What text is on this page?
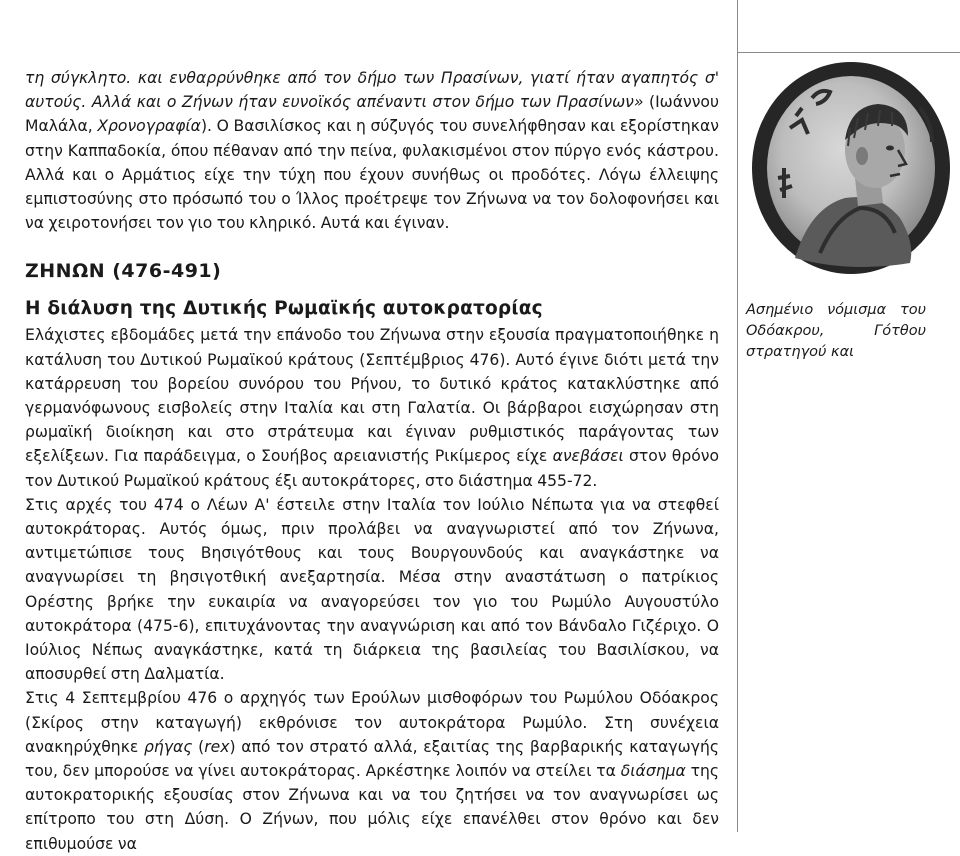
τη σύγκλητο. και ενθαρρύνθηκε από τον δήμο των Πρασίνων, γιατί ήταν αγαπητός σ' αυτούς. Αλλά και ο Ζήνων ήταν ευνοϊκός απέναντι στον δήμο των Πρασίνων» (Ιωάννου Μαλάλα, Χρονογραφία). Ο Βασιλίσκος και η σύζυγός του συνελήφθησαν και εξορίστηκαν στην Καππαδοκία, όπου πέθαναν από την πείνα, φυλακισμένοι στον πύργο ενός κάστρου. Αλλά και ο Αρμάτιος είχε την τύχη που έχουν συνήθως οι προδότες. Λόγω έλλειψης εμπιστοσύνης στο πρόσωπό του ο Ίλλος προέτρεψε τον Ζήνωνα να τον δολοφονήσει και να χειροτονήσει τον γιο του κληρικό. Αυτά και έγιναν.

ΖΗΝΩΝ (476-491)
Η διάλυση της Δυτικής Ρωμαϊκής αυτοκρατορίας

Ελάχιστες εβδομάδες μετά την επάνοδο του Ζήνωνα στην εξουσία πραγματοποιήθηκε η κατάλυση του Δυτικού Ρωμαϊκού κράτους (Σεπτέμβριος 476). Αυτό έγινε διότι μετά την κατάρρευση του βορείου συνόρου του Ρήνου, το δυτικό κράτος κατακλύστηκε από γερμανόφωνους εισβολείς στην Ιταλία και στη Γαλατία. Οι βάρβαροι εισχώρησαν στη ρωμαϊκή διοίκηση και στο στράτευμα και έγιναν ρυθμιστικός παράγοντας των εξελίξεων. Για παράδειγμα, ο Σουήβος αρειανιστής Ρικίμερος είχε ανεβάσει στον θρόνο τον Δυτικού Ρωμαϊκού κράτους έξι αυτοκράτορες, στο διάστημα 455-72.

Στις αρχές του 474 ο Λέων Α' έστειλε στην Ιταλία τον Ιούλιο Νέπωτα για να στεφθεί αυτοκράτορας. Αυτός όμως, πριν προλάβει να αναγνωριστεί από τον Ζήνωνα, αντιμετώπισε τους Βησιγότθους και τους Βουργουνδούς και αναγκάστηκε να αναγνωρίσει τη βησιγοτθική ανεξαρτησία. Μέσα στην αναστάτωση ο πατρίκιος Ορέστης βρήκε την ευκαιρία να αναγορεύσει τον γιο του Ρωμύλο Αυγουστύλο αυτοκράτορα (475-6), επιτυχάνοντας την αναγνώριση και από τον Βάνδαλο Γιζέριχο. Ο Ιούλιος Νέπως αναγκάστηκε, κατά τη διάρκεια της βασιλείας του Βασιλίσκου, να αποσυρθεί στη Δαλματία.

Στις 4 Σεπτεμβρίου 476 ο αρχηγός των Ερούλων μισθοφόρων του Ρωμύλου Οδόακρος (Σκίρος στην καταγωγή) εκθρόνισε τον αυτοκράτορα Ρωμύλο. Στη συνέχεια ανακηρύχθηκε ρήγας (rex) από τον στρατό αλλά, εξαιτίας της βαρβαρικής καταγωγής του, δεν μπορούσε να γίνει αυτοκράτορας. Αρκέστηκε λοιπόν να στείλει τα διάσημα της αυτοκρατορικής εξουσίας στον Ζήνωνα και να του ζητήσει να τον αναγνωρίσει ως επίτροπο του στη Δύση. Ο Ζήνων, που μόλις είχε επανέλθει στον θρόνο και δεν επιθυμούσε να

Ασημένιο νόμισμα του Οδόακρου, Γότθου στρατηγού και
